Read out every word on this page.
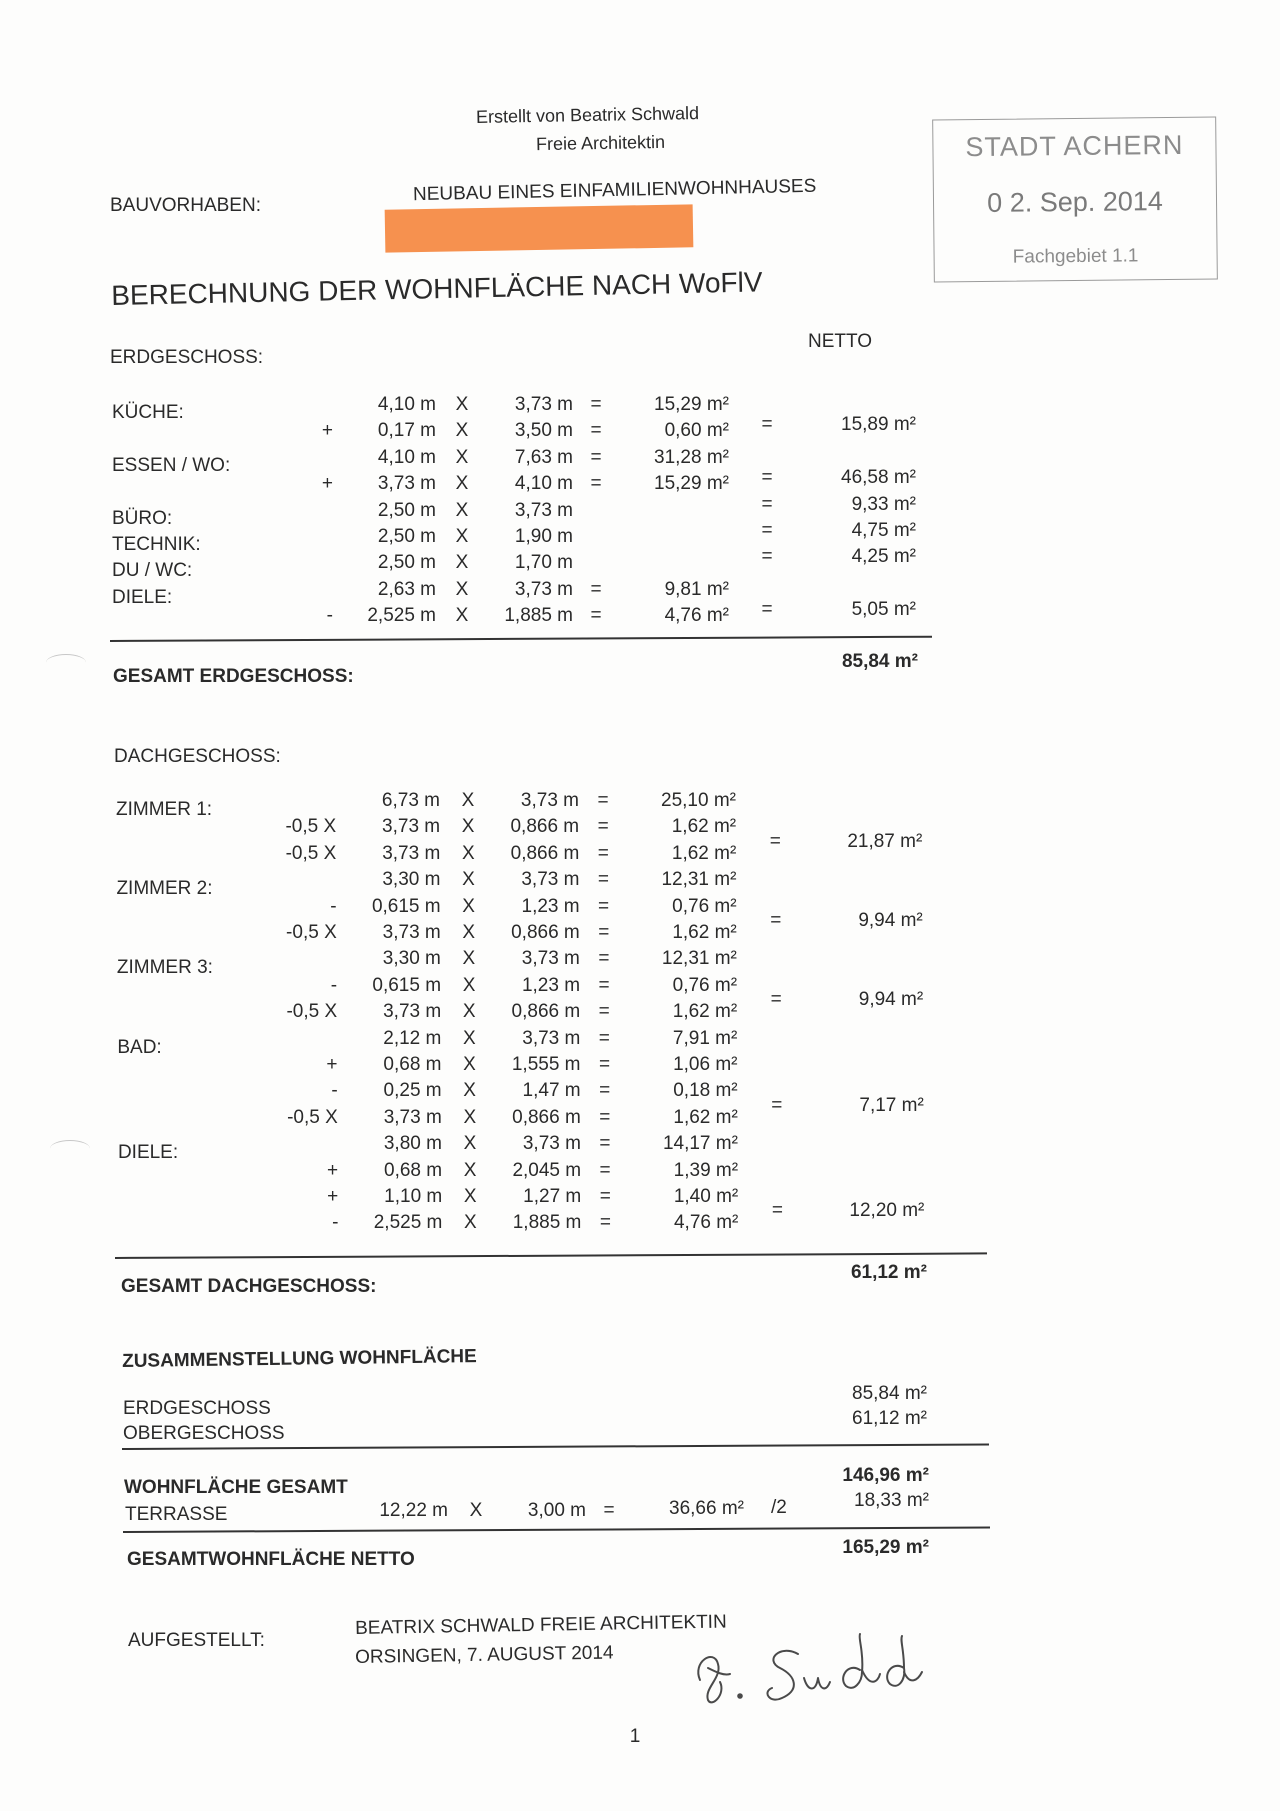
Erstellt von Beatrix Schwald
Freie Architektin
BAUVORHABEN:
NEUBAU EINES EINFAMILIENWOHNHAUSES
STADT ACHERN
0 2. Sep. 2014
Fachgebiet 1.1
BERECHNUNG DER WOHNFLÄCHE NACH WoFlV
NETTO
ERDGESCHOSS:
KÜCHE:	4,10 m X	3,73 m =	15,29 m²
+	0,17 m X	3,50 m =	0,60 m² =	15,89 m²
ESSEN / WO:	4,10 m X	7,63 m =	31,28 m²
+	3,73 m X	4,10 m =	15,29 m² =	46,58 m²
BÜRO:	2,50 m X	3,73 m	=	9,33 m²
TECHNIK:	2,50 m X	1,90 m	=	4,75 m²
DU / WC:	2,50 m X	1,70 m	=	4,25 m²
DIELE:	2,63 m X	3,73 m =	9,81 m²
-	2,525 m X	1,885 m =	4,76 m² =	5,05 m²
GESAMT ERDGESCHOSS:
85,84 m²
DACHGESCHOSS:
ZIMMER 1:	6,73 m X	3,73 m =	25,10 m²
-0,5 X	3,73 m X	0,866 m =	1,62 m²
-0,5 X	3,73 m X	0,866 m =	1,62 m²
=	21,87 m²
ZIMMER 2:	3,30 m X	3,73 m =	12,31 m²
-	0,615 m X	1,23 m =	0,76 m²
-0,5 X	3,73 m X	0,866 m =	1,62 m²
=	9,94 m²
ZIMMER 3:	3,30 m X	3,73 m =	12,31 m²
-	0,615 m X	1,23 m =	0,76 m²
-0,5 X	3,73 m X	0,866 m =	1,62 m²
=	9,94 m²
BAD:	2,12 m X	3,73 m =	7,91 m²
+	0,68 m X	1,555 m =	1,06 m²
-	0,25 m X	1,47 m =	0,18 m²
-0,5 X	3,73 m X	0,866 m =	1,62 m²
=	7,17 m²
DIELE:	3,80 m X	3,73 m =	14,17 m²
+	0,68 m X	2,045 m =	1,39 m²
+	1,10 m X	1,27 m =	1,40 m²
-	2,525 m X	1,885 m =	4,76 m²
=	12,20 m²
GESAMT DACHGESCHOSS:
61,12 m²
ZUSAMMENSTELLUNG WOHNFLÄCHE
ERDGESCHOSS
85,84 m²
OBERGESCHOSS
61,12 m²
WOHNFLÄCHE GESAMT
146,96 m²
TERRASSE	12,22 m X	3,00 m =	36,66 m² /2	18,33 m²
GESAMTWOHNFLÄCHE NETTO
165,29 m²
AUFGESTELLT:
BEATRIX SCHWALD FREIE ARCHITEKTIN
ORSINGEN, 7. AUGUST 2014
1
